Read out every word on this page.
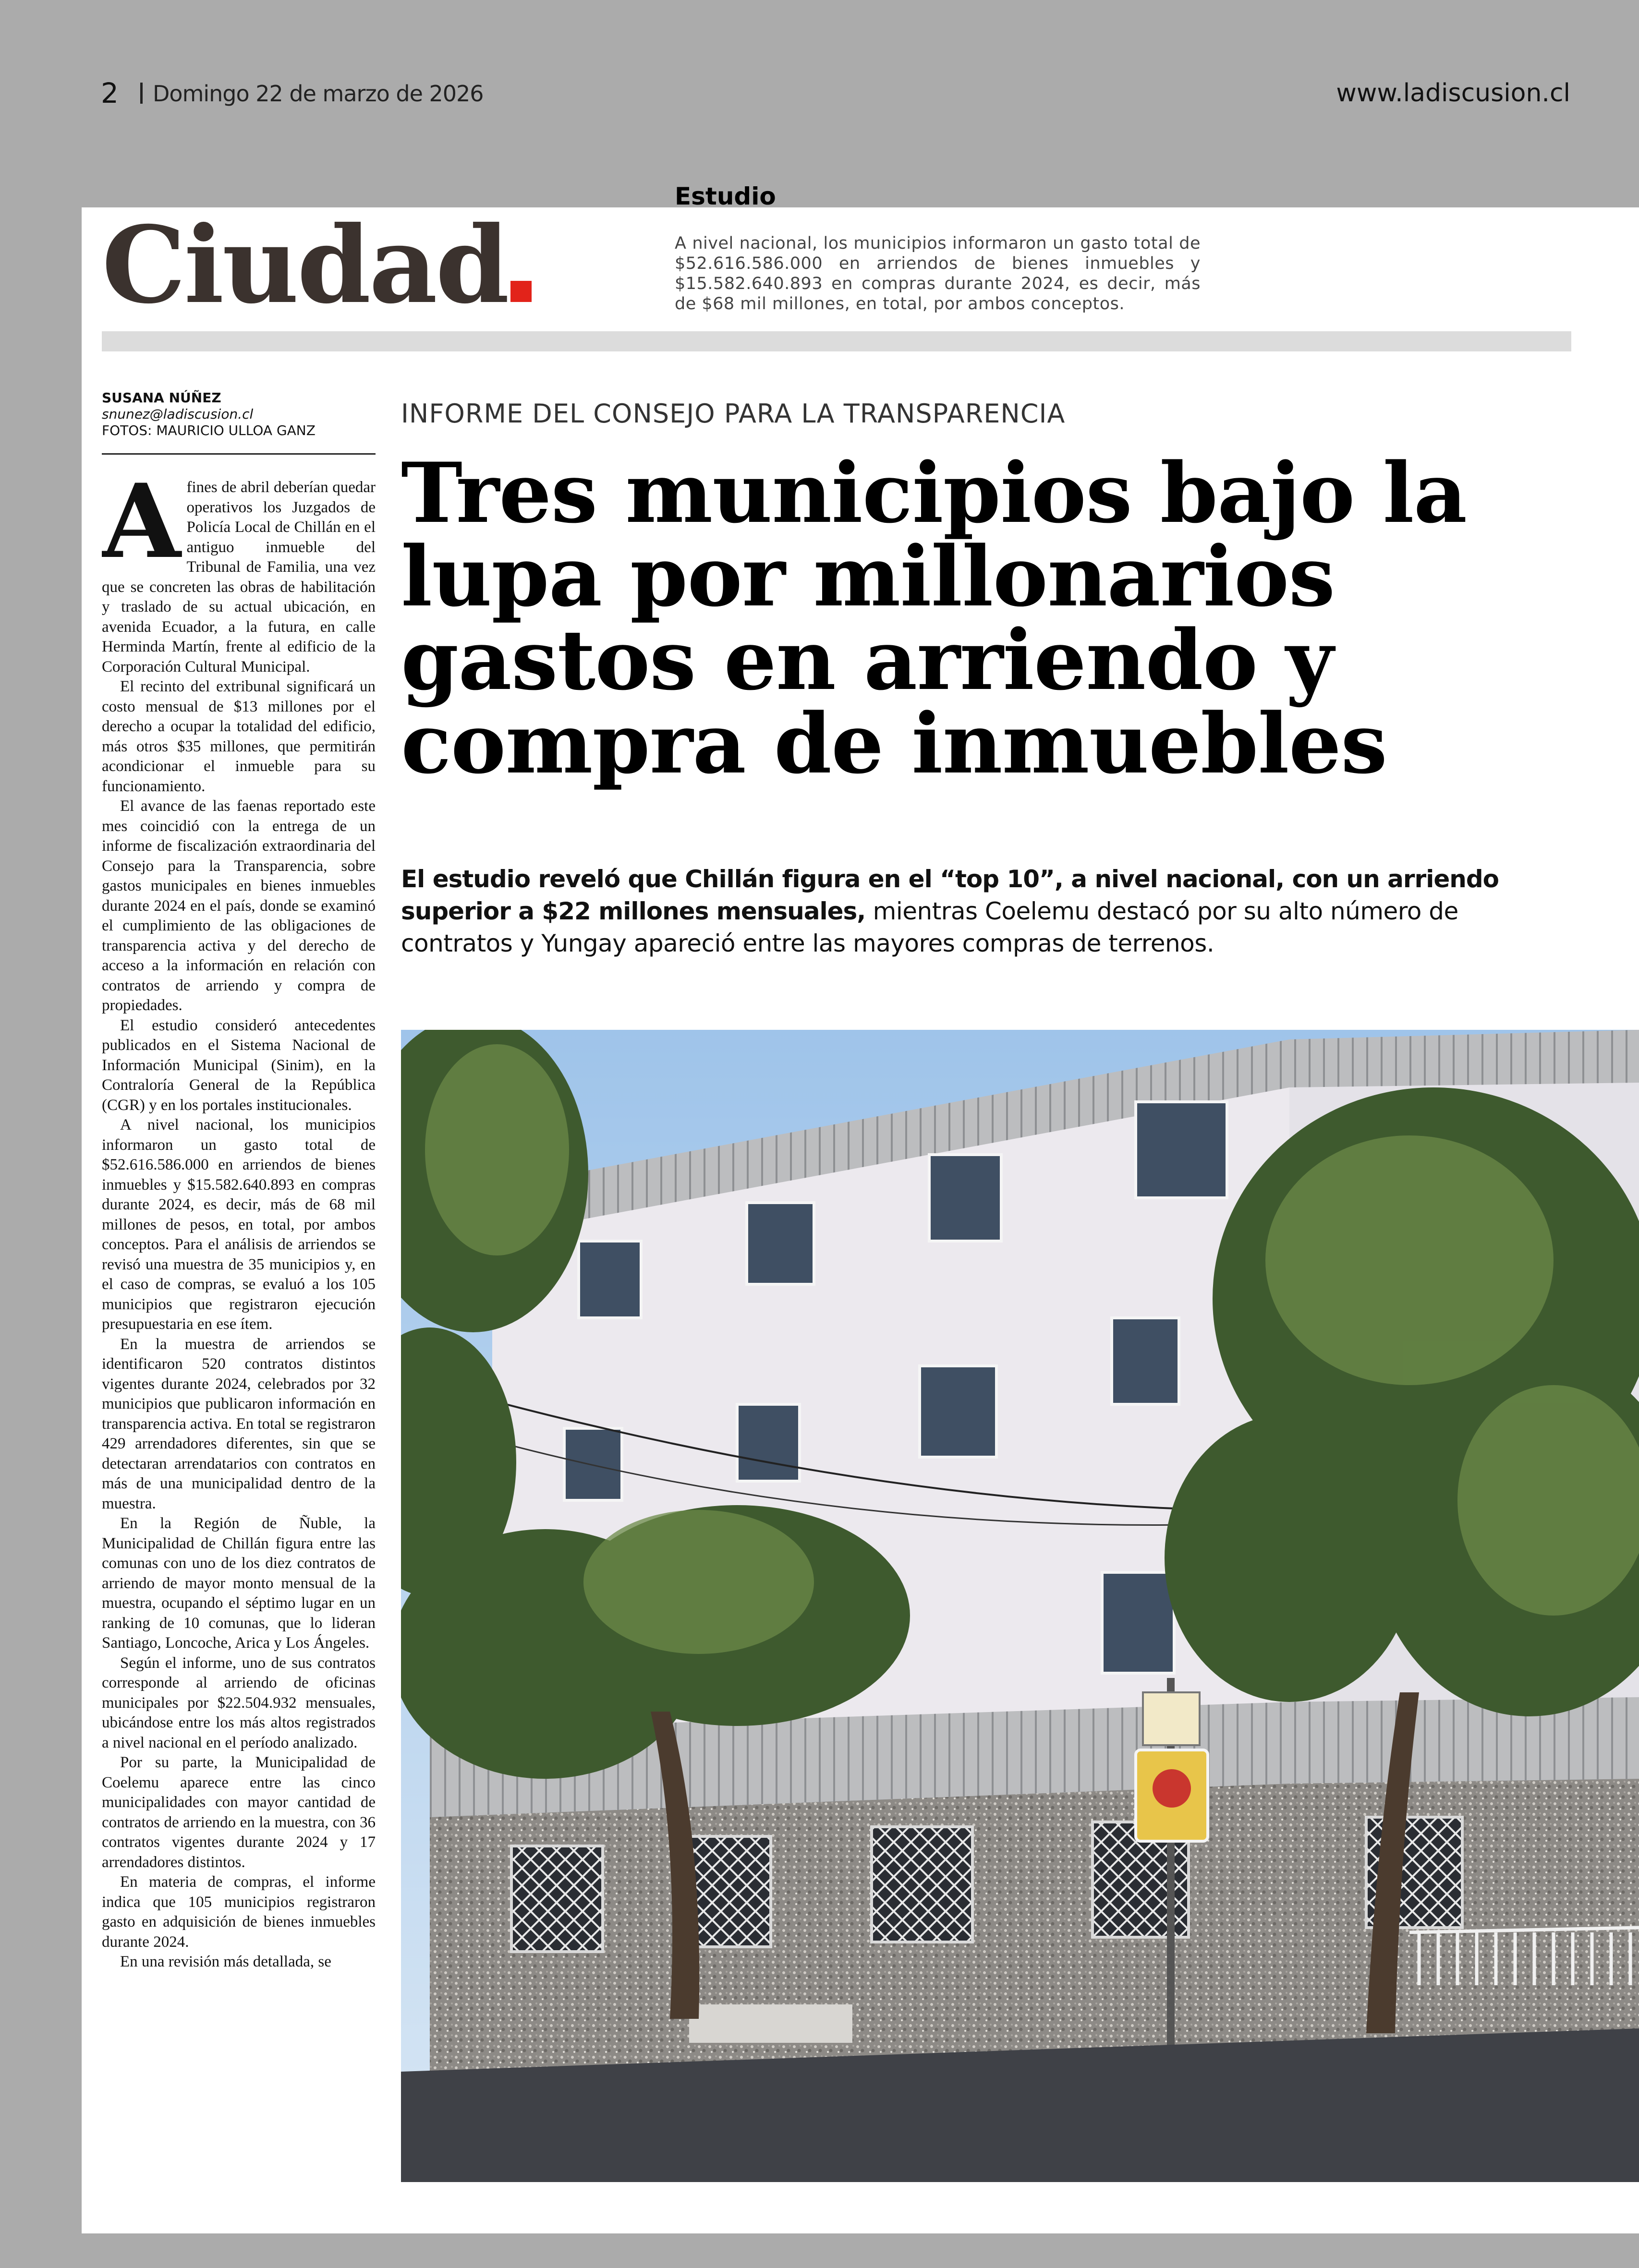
2 Domingo 22 de marzo de 2026	www.ladiscusion.cl
Estudio
A nivel nacional, los municipios informaron un gasto total de $52.616.586.000 en arriendos de bienes inmuebles y $15.582.640.893 en compras durante 2024, es decir, más de $68 mil millones, en total, por ambos conceptos.
Ciudad
SUSANA NÚÑEZ
snunez@ladiscusion.cl
FOTOS: MAURICIO ULLOA GANZ

Afines de abril deberían quedar operativos los Juzgados de Policía Local de Chillán en el antiguo inmueble del Tribunal de Familia, una vez que se concreten las obras de habilitación y traslado de su actual ubicación, en avenida Ecuador, a la futura, en calle Herminda Martín, frente al edificio de la Corporación Cultural Municipal.

El recinto del extribunal significará un costo mensual de $13 millones por el derecho a ocupar la totalidad del edificio, más otros $35 millones, que permitirán acondicionar el inmueble para su funcionamiento.

El avance de las faenas reportado este mes coincidió con la entrega de un informe de fiscalización extraordinaria del Consejo para la Transparencia, sobre gastos municipales en bienes inmuebles durante 2024 en el país, donde se examinó el cumplimiento de las obligaciones de transparencia activa y del derecho de acceso a la información en relación con contratos de arriendo y compra de propiedades.

El estudio consideró antecedentes publicados en el Sistema Nacional de Información Municipal (Sinim), en la Contraloría General de la República (CGR) y en los portales institucionales.

A nivel nacional, los municipios informaron un gasto total de $52.616.586.000 en arriendos de bienes inmuebles y $15.582.640.893 en compras durante 2024, es decir, más de 68 mil millones de pesos, en total, por ambos conceptos. Para el análisis de arriendos se revisó una muestra de 35 municipios y, en el caso de compras, se evaluó a los 105 municipios que registraron ejecución presupuestaria en ese ítem.

En la muestra de arriendos se identificaron 520 contratos distintos vigentes durante 2024, celebrados por 32 municipios que publicaron información en transparencia activa. En total se registraron 429 arrendadores diferentes, sin que se detectaran arrendatarios con contratos en más de una municipalidad dentro de la muestra.

En la Región de Ñuble, la Municipalidad de Chillán figura entre las comunas con uno de los diez contratos de arriendo de mayor monto mensual de la muestra, ocupando el séptimo lugar en un ranking de 10 comunas, que lo lideran Santiago, Loncoche, Arica y Los Ángeles.

Según el informe, uno de sus contratos corresponde al arriendo de oficinas municipales por $22.504.932 mensuales, ubicándose entre los más altos registrados a nivel nacional en el período analizado.

Por su parte, la Municipalidad de Coelemu aparece entre las cinco municipalidades con mayor cantidad de contratos de arriendo en la muestra, con 36 contratos vigentes durante 2024 y 17 arrendadores distintos.

En materia de compras, el informe indica que 105 municipios registraron gasto en adquisición de bienes inmuebles durante 2024.

En una revisión más detallada, se

INFORME DEL CONSEJO PARA LA TRANSPARENCIA
Tres municipios bajo la lupa por millonarios gastos en arriendo y compra de inmuebles
El estudio reveló que Chillán figura en el “top 10”, a nivel nacional, con un arriendo superior a $22 millones mensuales, mientras Coelemu destacó por su alto número de contratos y Yungay apareció entre las mayores compras de terrenos.
